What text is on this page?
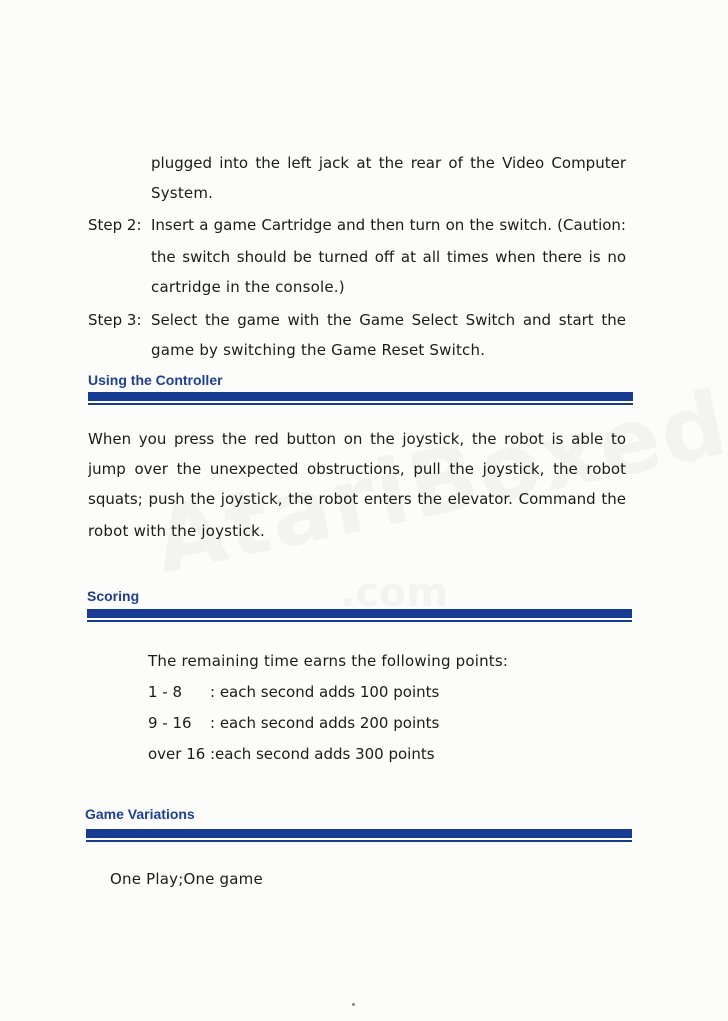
plugged into the left jack at the rear of the Video Computer
System.
Step 2: Insert a game Cartridge and then turn on the switch. (Caution:
the switch should be turned off at all times when there is no
cartridge in the console.)
Step 3: Select the game with the Game Select Switch and start the
game by switching the Game Reset Switch.
Using the Controller
When you press the red button on the joystick, the robot is able to
jump over the unexpected obstructions, pull the joystick, the robot
squats; push the joystick, the robot enters the elevator. Command the
robot with the joystick.
Scoring
The remaining time earns the following points:
1 - 8 : each second adds 100 points
9 - 16 : each second adds 200 points
over 16 :each second adds 300 points
Game Variations
One Play;One game
